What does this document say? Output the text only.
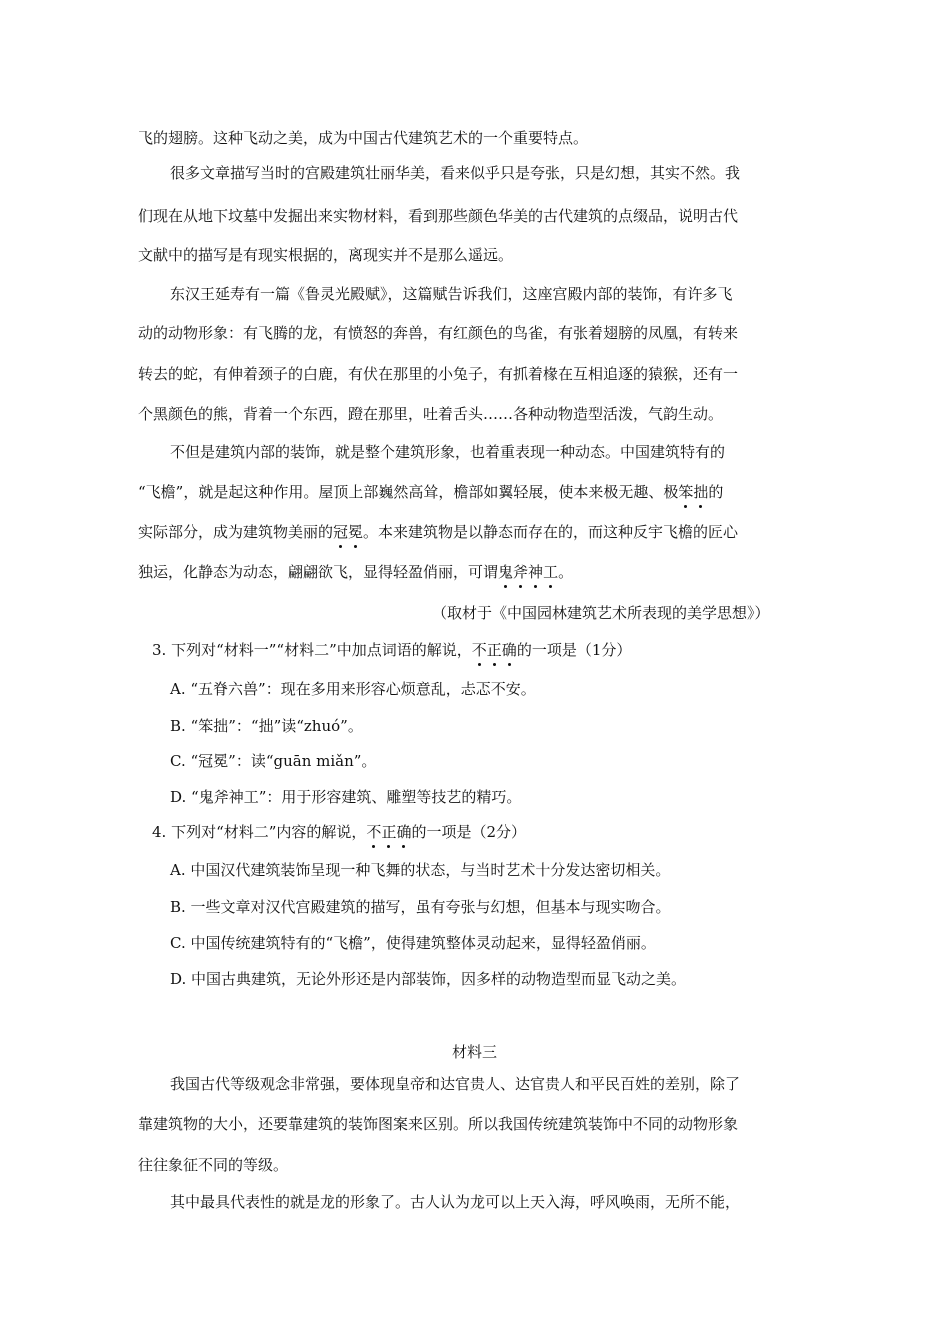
飞的翅膀。这种飞动之美，成为中国古代建筑艺术的一个重要特点。
很多文章描写当时的宫殿建筑壮丽华美，看来似乎只是夸张，只是幻想，其实不然。我
们现在从地下坟墓中发掘出来实物材料，看到那些颜色华美的古代建筑的点缀品，说明古代
文献中的描写是有现实根据的，离现实并不是那么遥远。
东汉王延寿有一篇《鲁灵光殿赋》，这篇赋告诉我们，这座宫殿内部的装饰，有许多飞
动的动物形象：有飞腾的龙，有愤怒的奔兽，有红颜色的鸟雀，有张着翅膀的凤凰，有转来
转去的蛇，有伸着颈子的白鹿，有伏在那里的小兔子，有抓着椽在互相追逐的猿猴，还有一
个黑颜色的熊，背着一个东西，蹬在那里，吐着舌头……各种动物造型活泼，气韵生动。
不但是建筑内部的装饰，就是整个建筑形象，也着重表现一种动态。中国建筑特有的
“飞檐”，就是起这种作用。屋顶上部巍然高耸，檐部如翼轻展，使本来极无趣、极笨拙的
实际部分，成为建筑物美丽的冠冕。本来建筑物是以静态而存在的，而这种反宇飞檐的匠心
独运，化静态为动态，翩翩欲飞，显得轻盈俏丽，可谓鬼斧神工。
（取材于《中国园林建筑艺术所表现的美学思想》）
3. 下列对“材料一”“材料二”中加点词语的解说，不正确的一项是（1分）
A. “五脊六兽”：现在多用来形容心烦意乱，忐忑不安。
B. “笨拙”：“拙”读“zhuó”。
C. “冠冕”：读“guān miǎn”。
D. “鬼斧神工”：用于形容建筑、雕塑等技艺的精巧。
4. 下列对“材料二”内容的解说，不正确的一项是（2分）
A. 中国汉代建筑装饰呈现一种飞舞的状态，与当时艺术十分发达密切相关。
B. 一些文章对汉代宫殿建筑的描写，虽有夸张与幻想，但基本与现实吻合。
C. 中国传统建筑特有的“飞檐”，使得建筑整体灵动起来，显得轻盈俏丽。
D. 中国古典建筑，无论外形还是内部装饰，因多样的动物造型而显飞动之美。
材料三
我国古代等级观念非常强，要体现皇帝和达官贵人、达官贵人和平民百姓的差别，除了
靠建筑物的大小，还要靠建筑的装饰图案来区别。所以我国传统建筑装饰中不同的动物形象
往往象征不同的等级。
其中最具代表性的就是龙的形象了。古人认为龙可以上天入海，呼风唤雨，无所不能，
